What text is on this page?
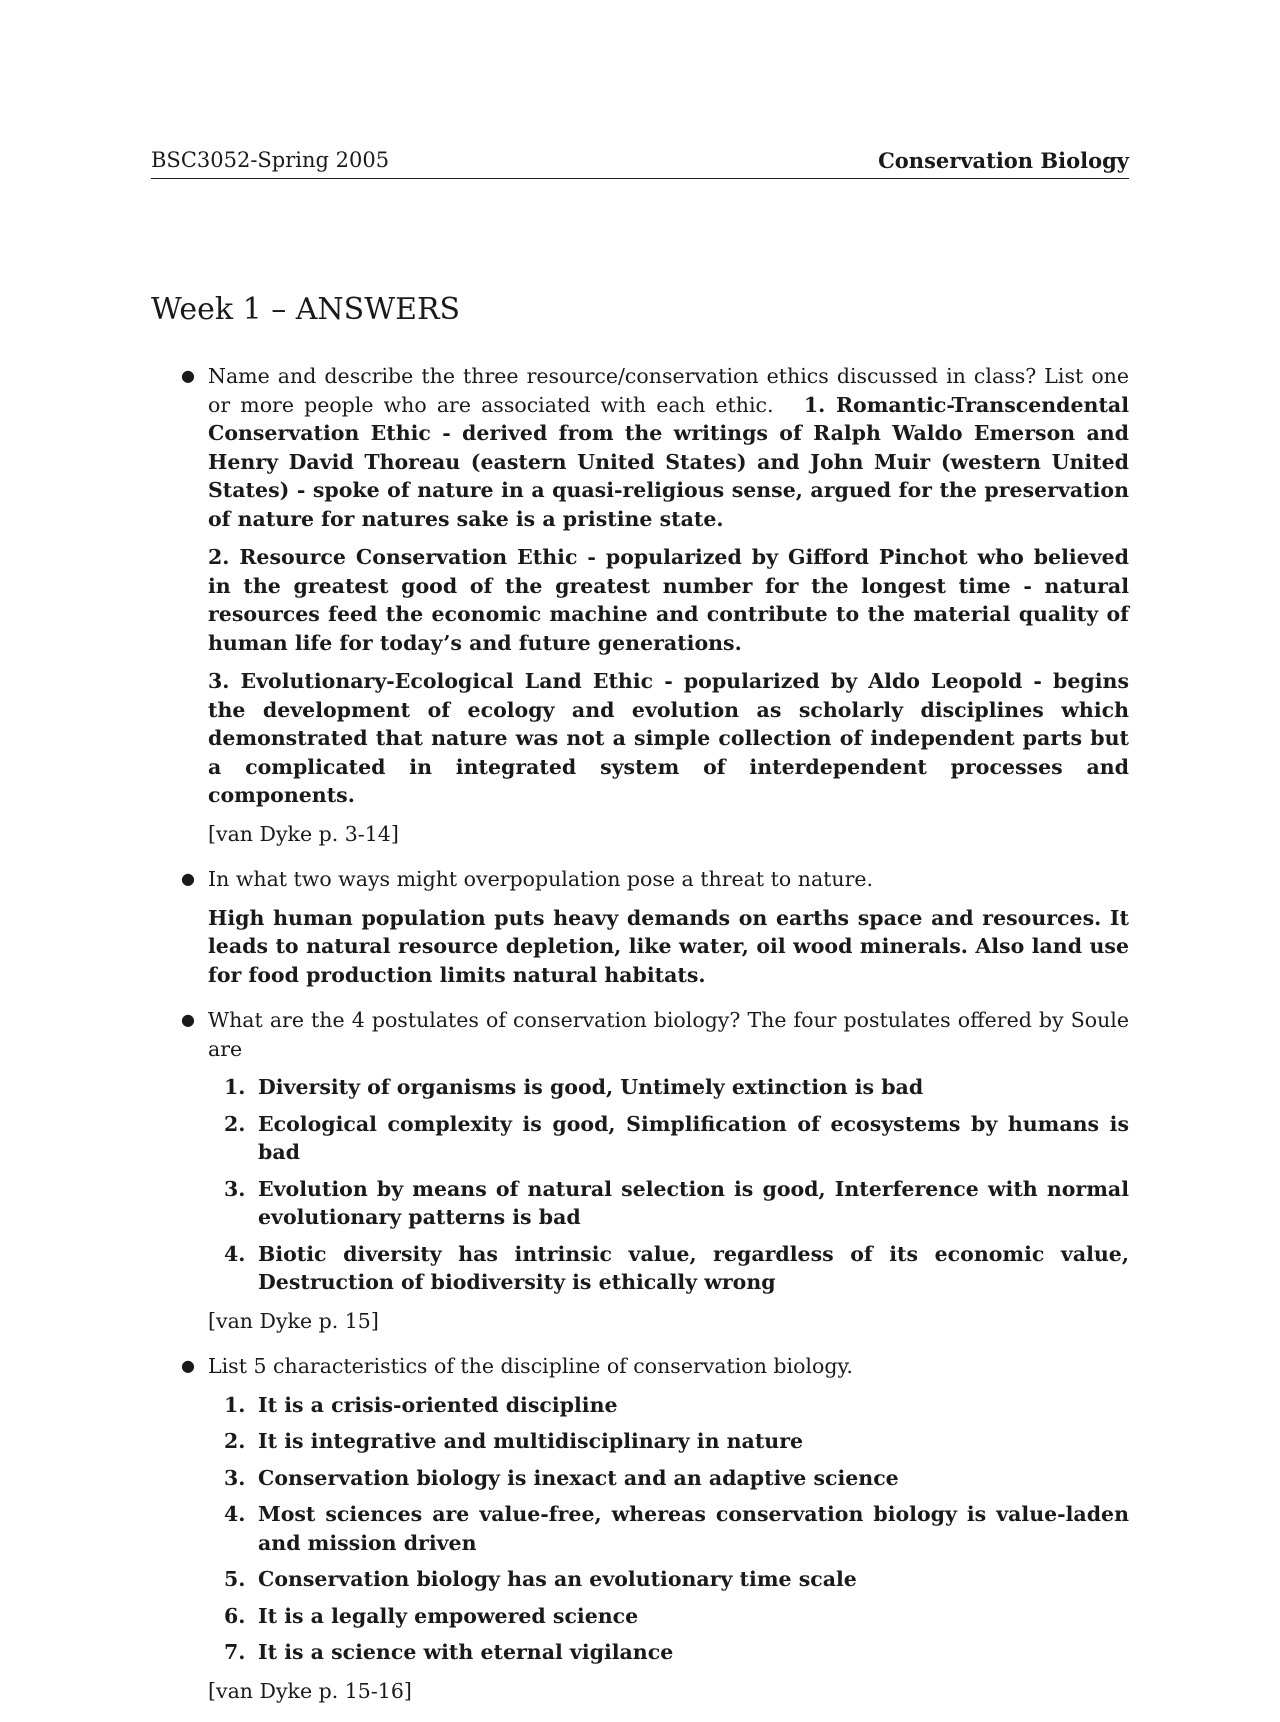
BSC3052-Spring 2005	Conservation Biology
Week 1 – ANSWERS
● Name and describe the three resource/conservation ethics discussed in class? List one or more people who are associated with each ethic. 1. Romantic-Transcendental Conservation Ethic - derived from the writings of Ralph Waldo Emerson and Henry David Thoreau (eastern United States) and John Muir (western United States) - spoke of nature in a quasi-religious sense, argued for the preservation of nature for natures sake is a pristine state.

2. Resource Conservation Ethic - popularized by Gifford Pinchot who believed in the greatest good of the greatest number for the longest time - natural resources feed the economic machine and contribute to the material quality of human life for today’s and future generations.

3. Evolutionary-Ecological Land Ethic - popularized by Aldo Leopold - begins the development of ecology and evolution as scholarly disciplines which demonstrated that nature was not a simple collection of independent parts but a complicated in integrated system of interdependent processes and components.

[van Dyke p. 3-14]

● In what two ways might overpopulation pose a threat to nature.

High human population puts heavy demands on earths space and resources. It leads to natural resource depletion, like water, oil wood minerals. Also land use for food production limits natural habitats.

● What are the 4 postulates of conservation biology? The four postulates offered by Soule are
1. Diversity of organisms is good, Untimely extinction is bad
2. Ecological complexity is good, Simplification of ecosystems by humans is bad
3. Evolution by means of natural selection is good, Interference with normal evolutionary patterns is bad
4. Biotic diversity has intrinsic value, regardless of its economic value, Destruction of biodiversity is ethically wrong

[van Dyke p. 15]

● List 5 characteristics of the discipline of conservation biology.
1. It is a crisis-oriented discipline
2. It is integrative and multidisciplinary in nature
3. Conservation biology is inexact and an adaptive science
4. Most sciences are value-free, whereas conservation biology is value-laden and mission driven
5. Conservation biology has an evolutionary time scale
6. It is a legally empowered science
7. It is a science with eternal vigilance

[van Dyke p. 15-16]
